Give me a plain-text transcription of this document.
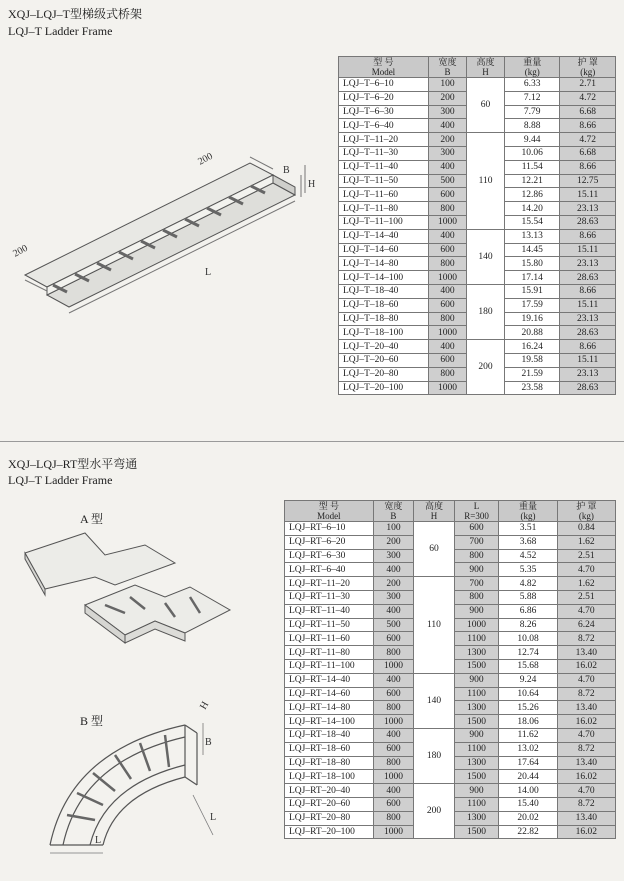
XQJ–LQJ–T型梯级式桥架
LQJ–T Ladder Frame
200
200
B
H
L
型 号
Model	宽度
B	高度
H	重量
(kg)	护 罩
(kg)
LQJ–T–6–10	100	60	6.33	2.71
LQJ–T–6–20	200		7.12	4.72
LQJ–T–6–30	300		7.79	6.68
LQJ–T–6–40	400		8.88	8.66
LQJ–T–11–20	200	110	9.44	4.72
LQJ–T–11–30	300		10.06	6.68
LQJ–T–11–40	400		11.54	8.66
LQJ–T–11–50	500		12.21	12.75
LQJ–T–11–60	600		12.86	15.11
LQJ–T–11–80	800		14.20	23.13
LQJ–T–11–100	1000		15.54	28.63
LQJ–T–14–40	400	140	13.13	8.66
LQJ–T–14–60	600		14.45	15.11
LQJ–T–14–80	800		15.80	23.13
LQJ–T–14–100	1000		17.14	28.63
LQJ–T–18–40	400	180	15.91	8.66
LQJ–T–18–60	600		17.59	15.11
LQJ–T–18–80	800		19.16	23.13
LQJ–T–18–100	1000		20.88	28.63
LQJ–T–20–40	400	200	16.24	8.66
LQJ–T–20–60	600		19.58	15.11
LQJ–T–20–80	800		21.59	23.13
LQJ–T–20–100	1000		23.58	28.63
XQJ–LQJ–RT型水平弯通
LQJ–T Ladder Frame
A 型
B 型
H
B
L
L
型 号
Model	宽度
B	高度
H	L
R=300	重量
(kg)	护 罩
(kg)
LQJ–RT–6–10	100	60	600	3.51	0.84
LQJ–RT–6–20	200		700	3.68	1.62
LQJ–RT–6–30	300		800	4.52	2.51
LQJ–RT–6–40	400		900	5.35	4.70
LQJ–RT–11–20	200	110	700	4.82	1.62
LQJ–RT–11–30	300		800	5.88	2.51
LQJ–RT–11–40	400		900	6.86	4.70
LQJ–RT–11–50	500		1000	8.26	6.24
LQJ–RT–11–60	600		1100	10.08	8.72
LQJ–RT–11–80	800		1300	12.74	13.40
LQJ–RT–11–100	1000		1500	15.68	16.02
LQJ–RT–14–40	400	140	900	9.24	4.70
LQJ–RT–14–60	600		1100	10.64	8.72
LQJ–RT–14–80	800		1300	15.26	13.40
LQJ–RT–14–100	1000		1500	18.06	16.02
LQJ–RT–18–40	400	180	900	11.62	4.70
LQJ–RT–18–60	600		1100	13.02	8.72
LQJ–RT–18–80	800		1300	17.64	13.40
LQJ–RT–18–100	1000		1500	20.44	16.02
LQJ–RT–20–40	400	200	900	14.00	4.70
LQJ–RT–20–60	600		1100	15.40	8.72
LQJ–RT–20–80	800		1300	20.02	13.40
LQJ–RT–20–100	1000		1500	22.82	16.02
